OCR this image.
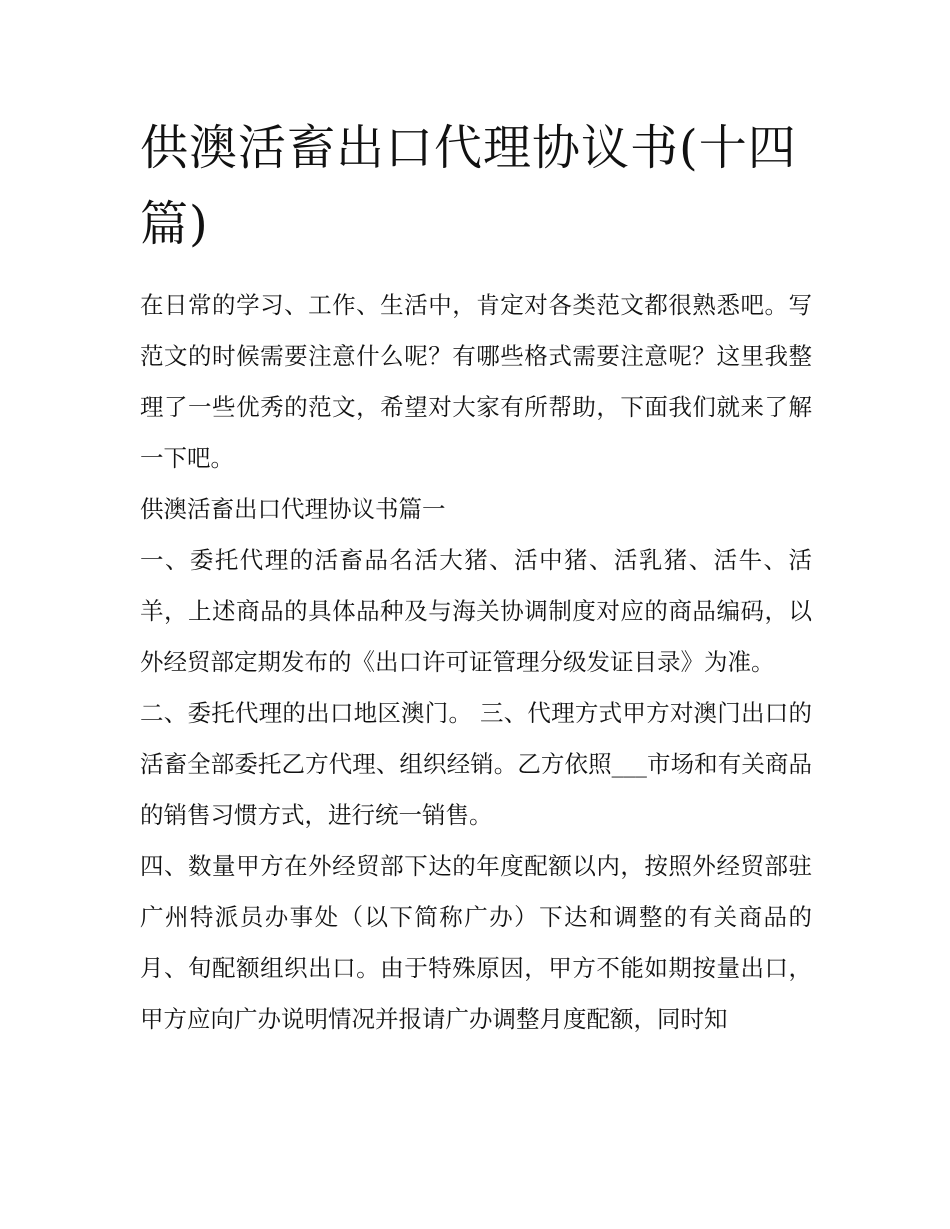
供澳活畜出口代理协议书(十四篇)

在日常的学习、工作、生活中，肯定对各类范文都很熟悉吧。写范文的时候需要注意什么呢？有哪些格式需要注意呢？这里我整理了一些优秀的范文，希望对大家有所帮助，下面我们就来了解一下吧。

供澳活畜出口代理协议书篇一

一、委托代理的活畜品名活大猪、活中猪、活乳猪、活牛、活羊，上述商品的具体品种及与海关协调制度对应的商品编码，以外经贸部定期发布的《出口许可证管理分级发证目录》为准。

二、委托代理的出口地区澳门。 三、代理方式甲方对澳门出口的活畜全部委托乙方代理、组织经销。乙方依照___市场和有关商品的销售习惯方式，进行统一销售。

四、数量甲方在外经贸部下达的年度配额以内，按照外经贸部驻广州特派员办事处（以下简称广办）下达和调整的有关商品的月、旬配额组织出口。由于特殊原因，甲方不能如期按量出口，甲方应向广办说明情况并报请广办调整月度配额，同时知
